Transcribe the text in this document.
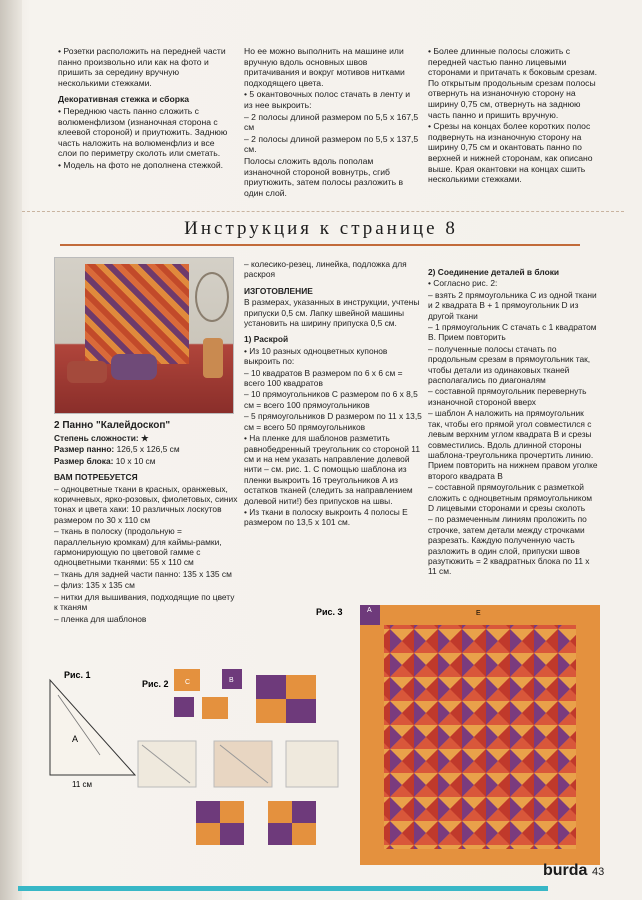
• Розетки расположить на передней части панно произвольно или как на фото и пришить за середину вручную несколькими стежками.

Декоративная стежка и сборка

• Переднюю часть панно сложить с волюменфлизом (изнаночная сторона с клеевой стороной) и приутюжить. Заднюю часть наложить на волюменфлиз и все слои по периметру сколоть или сметать.

• Модель на фото не дополнена стежкой.

Но ее можно выполнить на машине или вручную вдоль основных швов притачивания и вокруг мотивов нитками подходящего цвета.

• 5 окантовочных полос стачать в ленту и из нее выкроить:

– 2 полосы длиной размером по 5,5 х 167,5 см

– 2 полосы длиной размером по 5,5 х 137,5 см.

Полосы сложить вдоль пополам изнаночной стороной вовнутрь, сгиб приутюжить, затем полосы разложить в один слой.

• Более длинные полосы сложить с передней частью панно лицевыми сторонами и притачать к боковым срезам. По открытым продольным срезам полосы отвернуть на изнаночную сторону на ширину 0,75 см, отвернуть на заднюю часть панно и пришить вручную.

• Срезы на концах более коротких полос подвернуть на изнаночную сторону на ширину 0,75 см и окантовать панно по верхней и нижней сторонам, как описано выше. Края окантовки на концах сшить несколькими стежками.

Инструкция к странице 8

2 Панно "Калейдоскоп"

Степень сложности: ★

Размер панно: 126,5 х 126,5 см

Размер блока: 10 х 10 см

ВАМ ПОТРЕБУЕТСЯ

– одноцветные ткани в красных, оранжевых, коричневых, ярко-розовых, фиолетовых, синих тонах и цвета хаки: 10 различных лоскутов размером по 30 х 110 см

– ткань в полоску (продольную = параллельную кромкам) для каймы-рамки, гармонирующую по цветовой гамме с одноцветными тканями: 55 х 110 см

– ткань для задней части панно: 135 х 135 см

– флиз: 135 х 135 см

– нитки для вышивания, подходящие по цвету к тканям

– пленка для шаблонов

– колесико-резец, линейка, подложка для раскроя

ИЗГОТОВЛЕНИЕ

В размерах, указанных в инструкции, учтены припуски 0,5 см. Лапку швейной машины установить на ширину припуска 0,5 см.

1) Раскрой

• Из 10 разных одноцветных купонов выкроить по:

– 10 квадратов B размером по 6 х 6 см = всего 100 квадратов

– 10 прямоугольников C размером по 6 х 8,5 см = всего 100 прямоугольников

– 5 прямоугольников D размером по 11 х 13,5 см = всего 50 прямоугольников

• На пленке для шаблонов разметить равнобедренный треугольник со стороной 11 см и на нем указать направление долевой нити – см. рис. 1. С помощью шаблона из пленки выкроить 16 треугольников A из остатков тканей (следить за направлением долевой нити!) без припусков на швы.

• Из ткани в полоску выкроить 4 полосы E размером по 13,5 х 101 см.

2) Соединение деталей в блоки

• Согласно рис. 2:

– взять 2 прямоугольника C из одной ткани и 2 квадрата B + 1 прямоугольник D из другой ткани

– 1 прямоугольник C стачать с 1 квадратом B. Прием повторить

– полученные полосы стачать по продольным срезам в прямоугольник так, чтобы детали из одинаковых тканей располагались по диагоналям

– составной прямоугольник перевернуть изнаночной стороной вверх

– шаблон A наложить на прямоугольник так, чтобы его прямой угол совместился с левым верхним углом квадрата B и срезы совместились. Вдоль длинной стороны шаблона-треугольника прочертить линию. Прием повторить на нижнем правом уголке второго квадрата B

– составной прямоугольник с разметкой сложить с одноцветным прямоугольником D лицевыми сторонами и срезы сколоть

– по размеченным линиям проложить по строчке, затем детали между строчками разрезать. Каждую полученную часть разложить в один слой, припуски швов разутюжить = 2 квадратных блока по 11 х 11 см.

Рис. 1
A
11 см
Рис. 2 C	B
Рис. 3	A	E
burda 43
